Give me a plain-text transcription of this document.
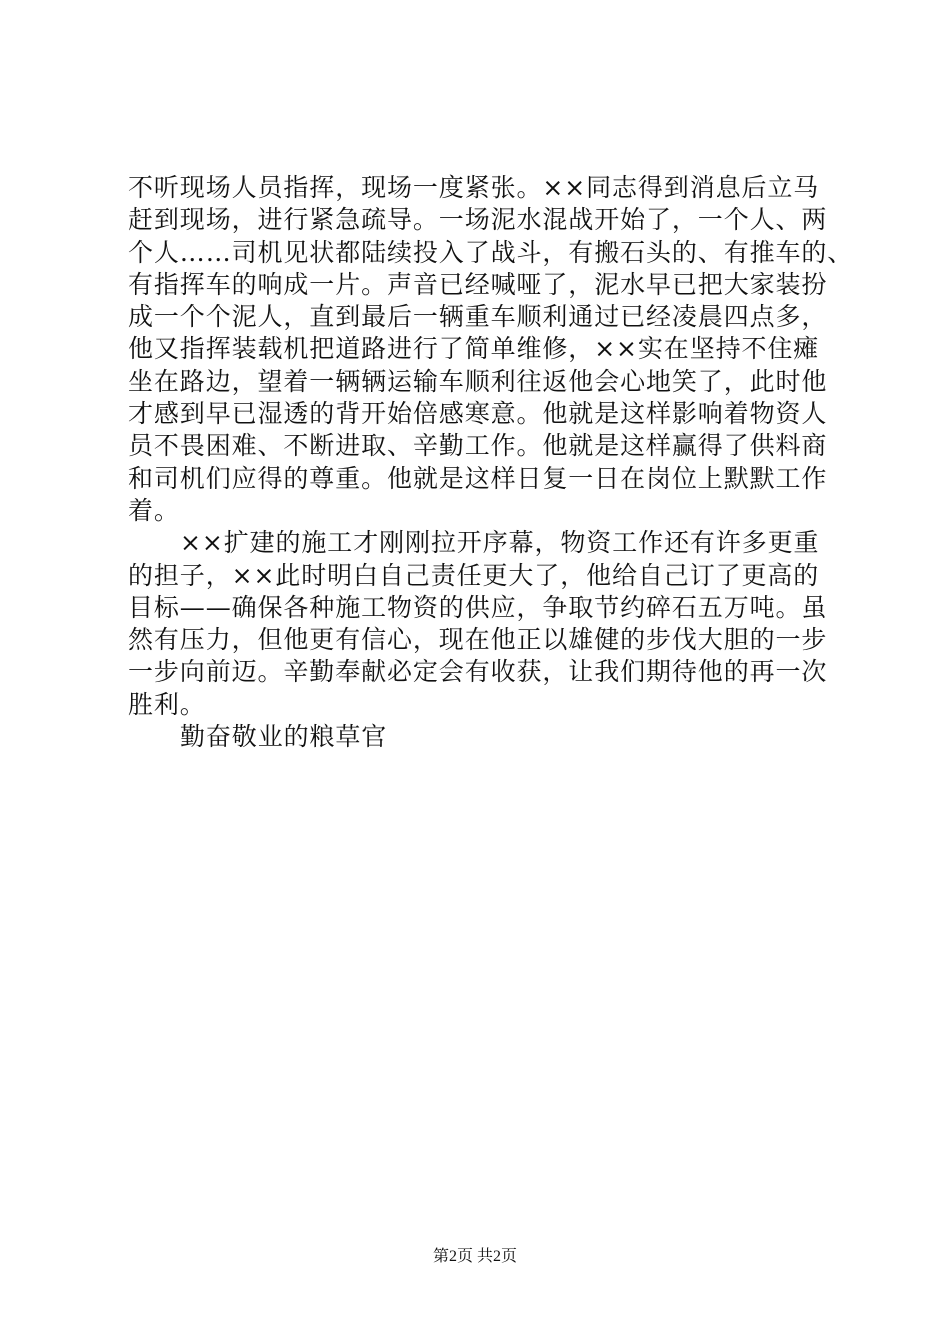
不听现场人员指挥，现场一度紧张。××同志得到消息后立马
赶到现场，进行紧急疏导。一场泥水混战开始了，一个人、两
个人……司机见状都陆续投入了战斗，有搬石头的、有推车的、
有指挥车的响成一片。声音已经喊哑了，泥水早已把大家装扮
成一个个泥人，直到最后一辆重车顺利通过已经凌晨四点多，
他又指挥装载机把道路进行了简单维修，××实在坚持不住瘫
坐在路边，望着一辆辆运输车顺利往返他会心地笑了，此时他
才感到早已湿透的背开始倍感寒意。他就是这样影响着物资人
员不畏困难、不断进取、辛勤工作。他就是这样赢得了供料商
和司机们应得的尊重。他就是这样日复一日在岗位上默默工作
着。
××扩建的施工才刚刚拉开序幕，物资工作还有许多更重
的担子，××此时明白自己责任更大了，他给自己订了更高的
目标——确保各种施工物资的供应，争取节约碎石五万吨。虽
然有压力，但他更有信心，现在他正以雄健的步伐大胆的一步
一步向前迈。辛勤奉献必定会有收获，让我们期待他的再一次
胜利。
勤奋敬业的粮草官
第2页 共2页
